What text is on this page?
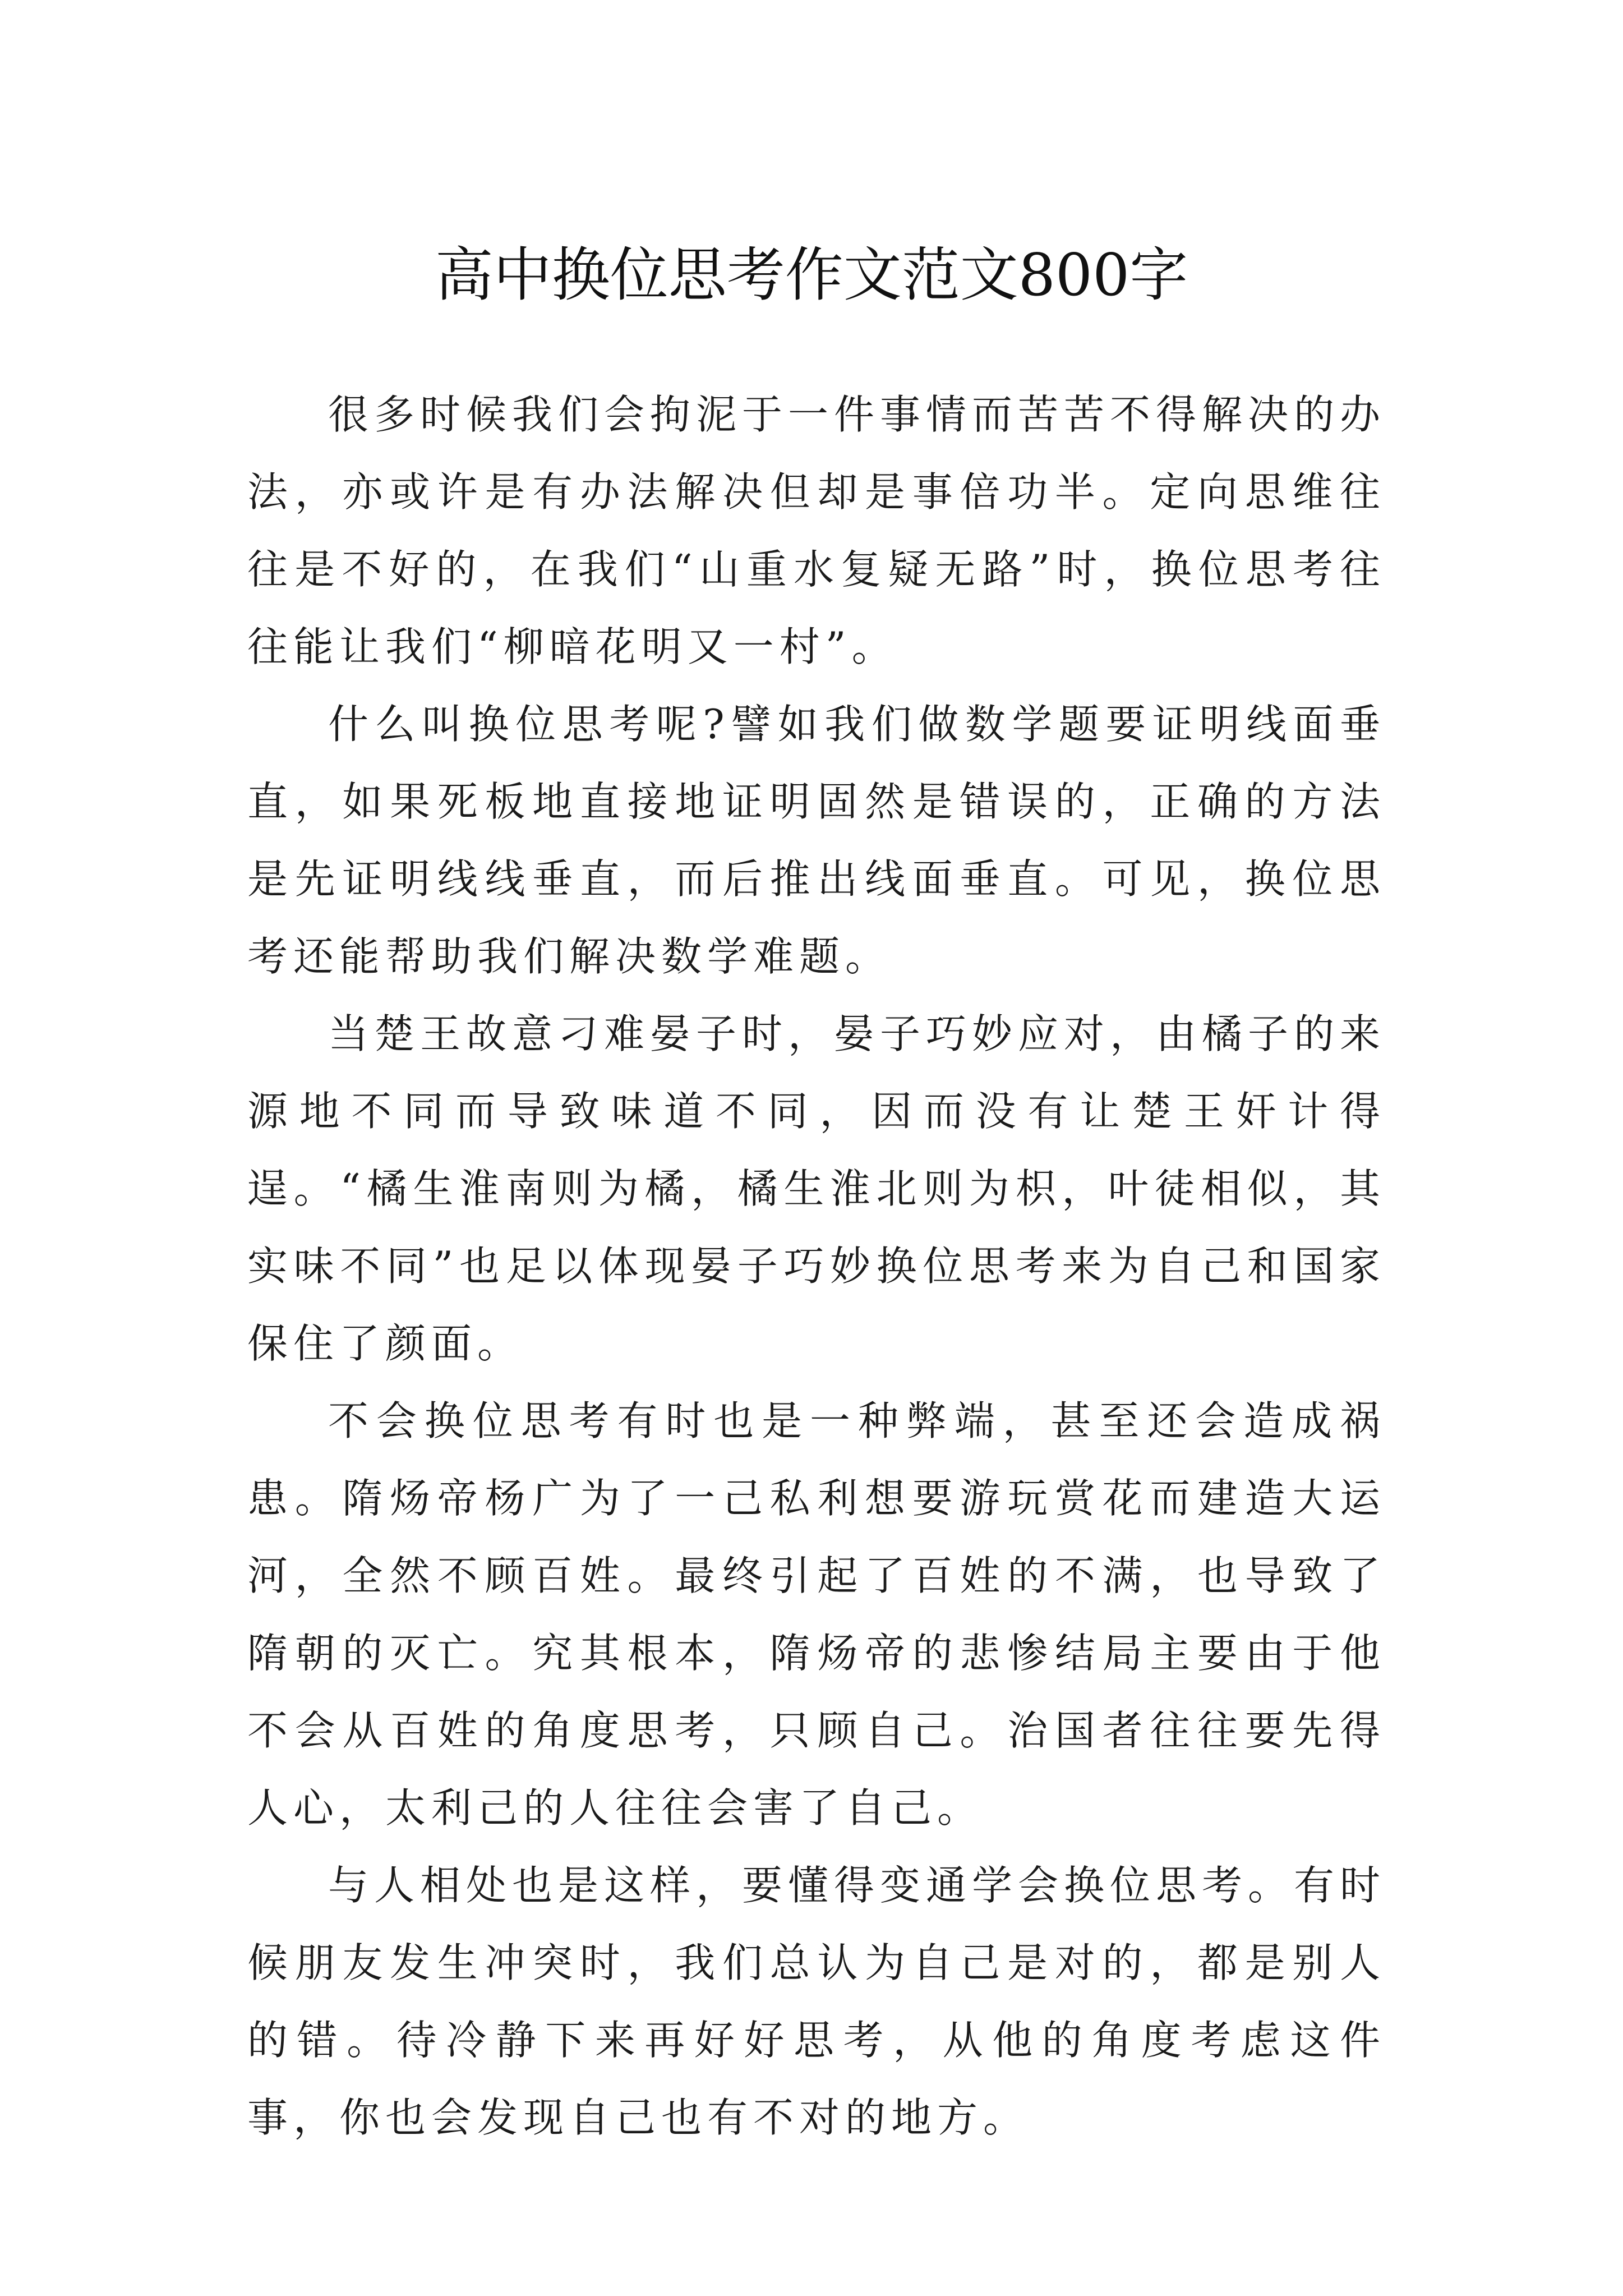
高中换位思考作文范文800字

很多时候我们会拘泥于一件事情而苦苦不得解决的办法，亦或许是有办法解决但却是事倍功半。定向思维往往是不好的，在我们“山重水复疑无路”时，换位思考往往能让我们“柳暗花明又一村”。

什么叫换位思考呢?譬如我们做数学题要证明线面垂直，如果死板地直接地证明固然是错误的，正确的方法是先证明线线垂直，而后推出线面垂直。可见，换位思考还能帮助我们解决数学难题。

当楚王故意刁难晏子时，晏子巧妙应对，由橘子的来源地不同而导致味道不同，因而没有让楚王奸计得逞。“橘生淮南则为橘，橘生淮北则为枳，叶徒相似，其实味不同”也足以体现晏子巧妙换位思考来为自己和国家保住了颜面。

不会换位思考有时也是一种弊端，甚至还会造成祸患。隋炀帝杨广为了一己私利想要游玩赏花而建造大运河，全然不顾百姓。最终引起了百姓的不满，也导致了隋朝的灭亡。究其根本，隋炀帝的悲惨结局主要由于他不会从百姓的角度思考，只顾自己。治国者往往要先得人心，太利己的人往往会害了自己。

与人相处也是这样，要懂得变通学会换位思考。有时候朋友发生冲突时，我们总认为自己是对的，都是别人的错。待冷静下来再好好思考，从他的角度考虑这件事，你也会发现自己也有不对的地方。
